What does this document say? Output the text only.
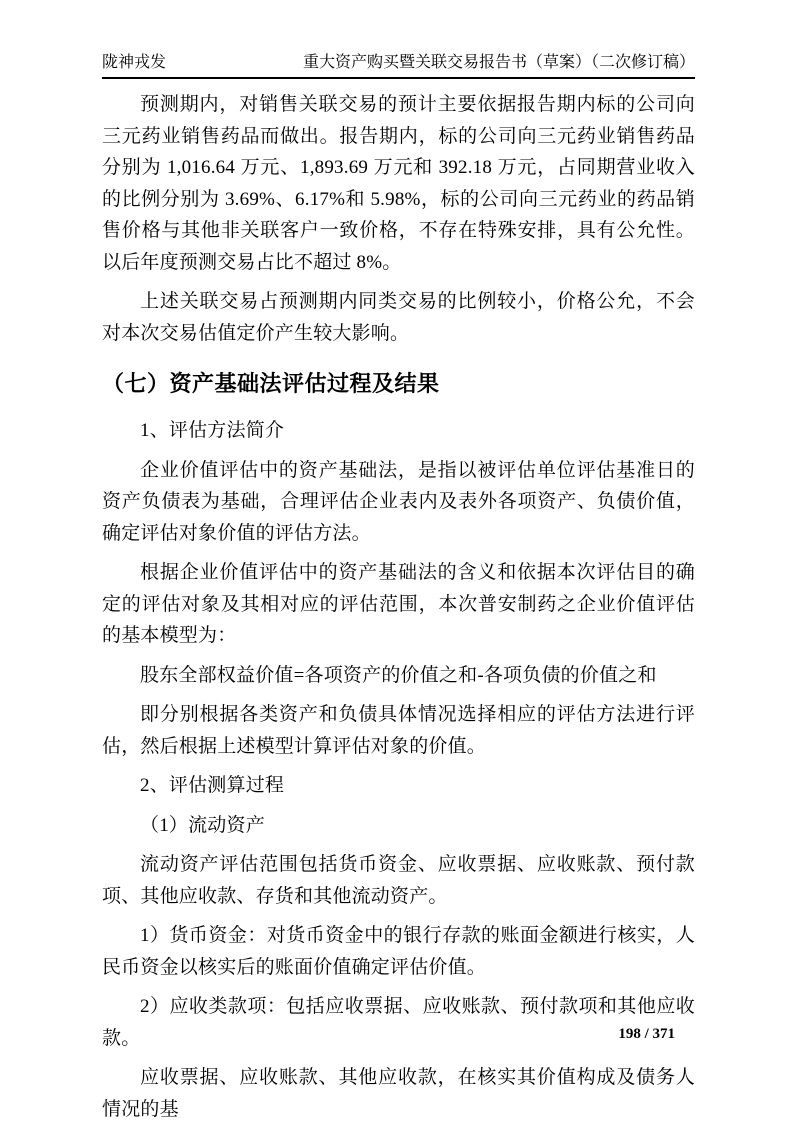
陇神戎发	重大资产购买暨关联交易报告书（草案）（二次修订稿）

预测期内，对销售关联交易的预计主要依据报告期内标的公司向三元药业销售药品而做出。报告期内，标的公司向三元药业销售药品分别为 1,016.64 万元、1,893.69 万元和 392.18 万元，占同期营业收入的比例分别为 3.69%、6.17%和 5.98%，标的公司向三元药业的药品销售价格与其他非关联客户一致价格，不存在特殊安排，具有公允性。以后年度预测交易占比不超过 8%。

上述关联交易占预测期内同类交易的比例较小，价格公允，不会对本次交易估值定价产生较大影响。

（七）资产基础法评估过程及结果

1、评估方法简介

企业价值评估中的资产基础法，是指以被评估单位评估基准日的资产负债表为基础，合理评估企业表内及表外各项资产、负债价值，确定评估对象价值的评估方法。

根据企业价值评估中的资产基础法的含义和依据本次评估目的确定的评估对象及其相对应的评估范围，本次普安制药之企业价值评估的基本模型为：

股东全部权益价值=各项资产的价值之和-各项负债的价值之和

即分别根据各类资产和负债具体情况选择相应的评估方法进行评估，然后根据上述模型计算评估对象的价值。

2、评估测算过程

（1）流动资产

流动资产评估范围包括货币资金、应收票据、应收账款、预付款项、其他应收款、存货和其他流动资产。

1）货币资金：对货币资金中的银行存款的账面金额进行核实，人民币资金以核实后的账面价值确定评估价值。

2）应收类款项：包括应收票据、应收账款、预付款项和其他应收款。

应收票据、应收账款、其他应收款，在核实其价值构成及债务人情况的基

198 / 371
